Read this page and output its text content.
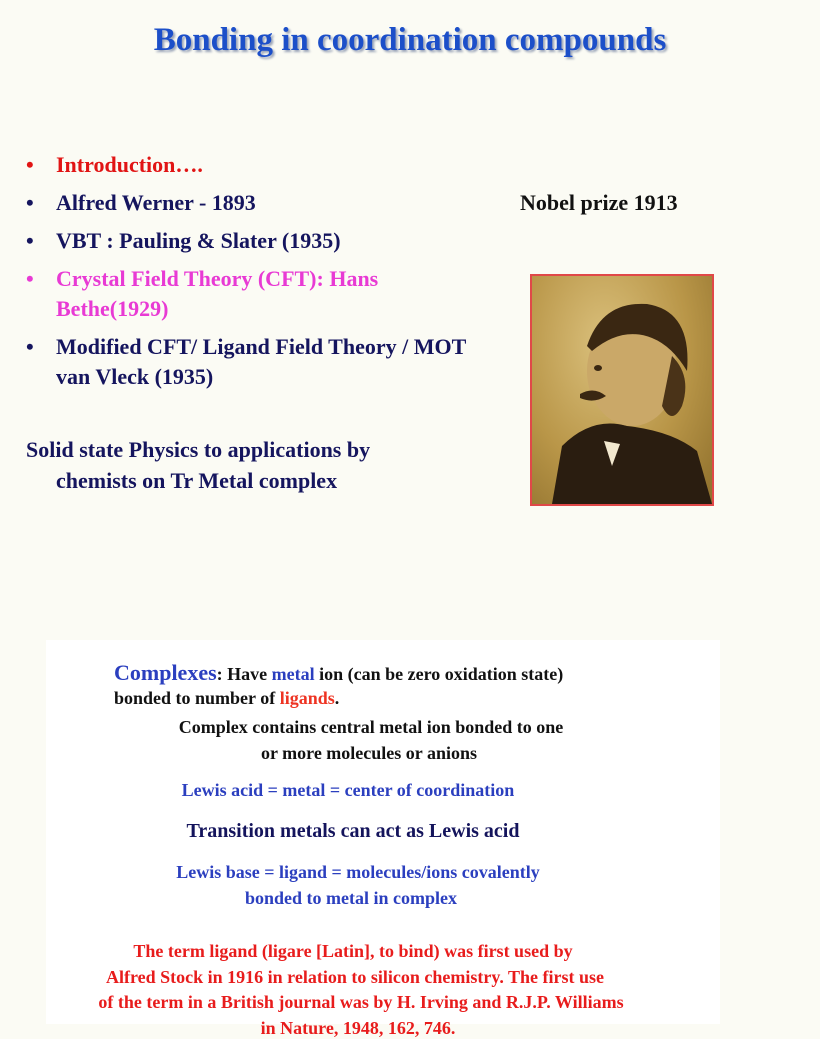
Bonding in coordination compounds
• Introduction….
• Alfred Werner - 1893
• VBT : Pauling & Slater (1935)
• Crystal Field Theory (CFT): Hans Bethe(1929)
• Modified CFT/ Ligand Field Theory / MOT van Vleck (1935)
Nobel prize 1913
Solid state Physics to applications by
chemists on Tr Metal complex
Complexes: Have metal ion (can be zero oxidation state)
bonded to number of ligands.
Complex contains central metal ion bonded to one
or more molecules or anions
Lewis acid = metal = center of coordination
Transition metals can act as Lewis acid
Lewis base = ligand = molecules/ions covalently
bonded to metal in complex
The term ligand (ligare [Latin], to bind) was first used by
Alfred Stock in 1916 in relation to silicon chemistry. The first use
of the term in a British journal was by H. Irving and R.J.P. Williams
in Nature, 1948, 162, 746.
